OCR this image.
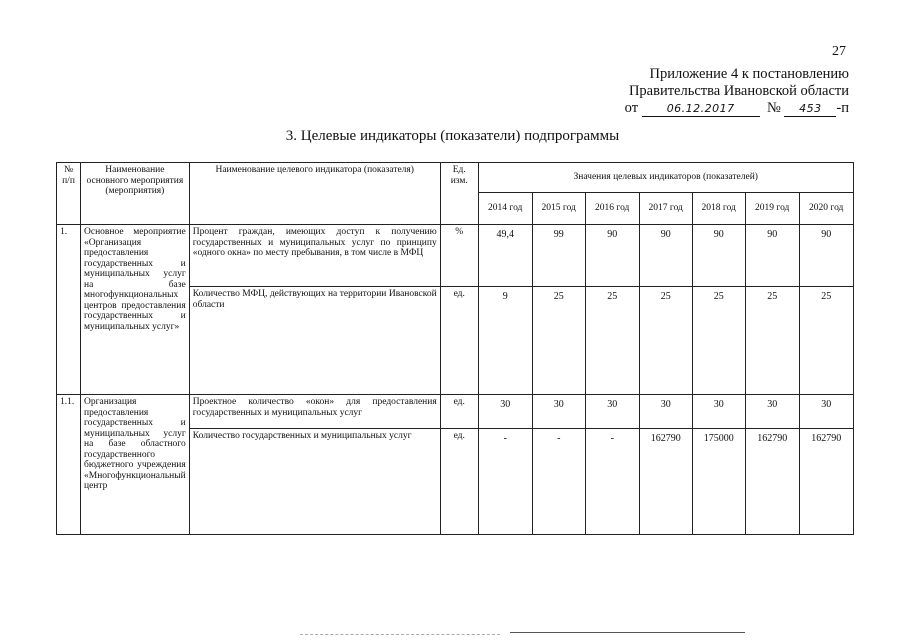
27
Приложение 4 к постановлению
Правительства Ивановской области
от	06.12.2017 № 453 -п
3. Целевые индикаторы (показатели) подпрограммы
№ п/п	Наименование основного мероприятия (мероприятия)	Наименование целевого индикатора (показателя)	Ед. изм.	Значения целевых индикаторов (показателей)						
				2014 год	2015 год	2016 год	2017 год	2018 год	2019 год	2020 год
1.	Основное мероприятие «Организация предоставления государственных и муниципальных услуг на базе многофункциональных центров предоставления государственных и муниципальных услуг»	Процент граждан, имеющих доступ к получению государственных и муниципальных услуг по принципу «одного окна» по месту пребывания, в том числе в МФЦ	%	49,4	99	90	90	90	90	90
		Количество МФЦ, действующих на территории Ивановской области	ед.	9	25	25	25	25	25	25
1.1.	Организация предоставления государственных и муниципальных услуг на базе областного государственного бюджетного учреждения «Многофункциональный центр	Проектное количество «окон» для предоставления государственных и муниципальных услуг	ед.	30	30	30	30	30	30	30
		Количество государственных и муниципальных услуг	ед.	-	-	-	162790	175000	162790	162790
